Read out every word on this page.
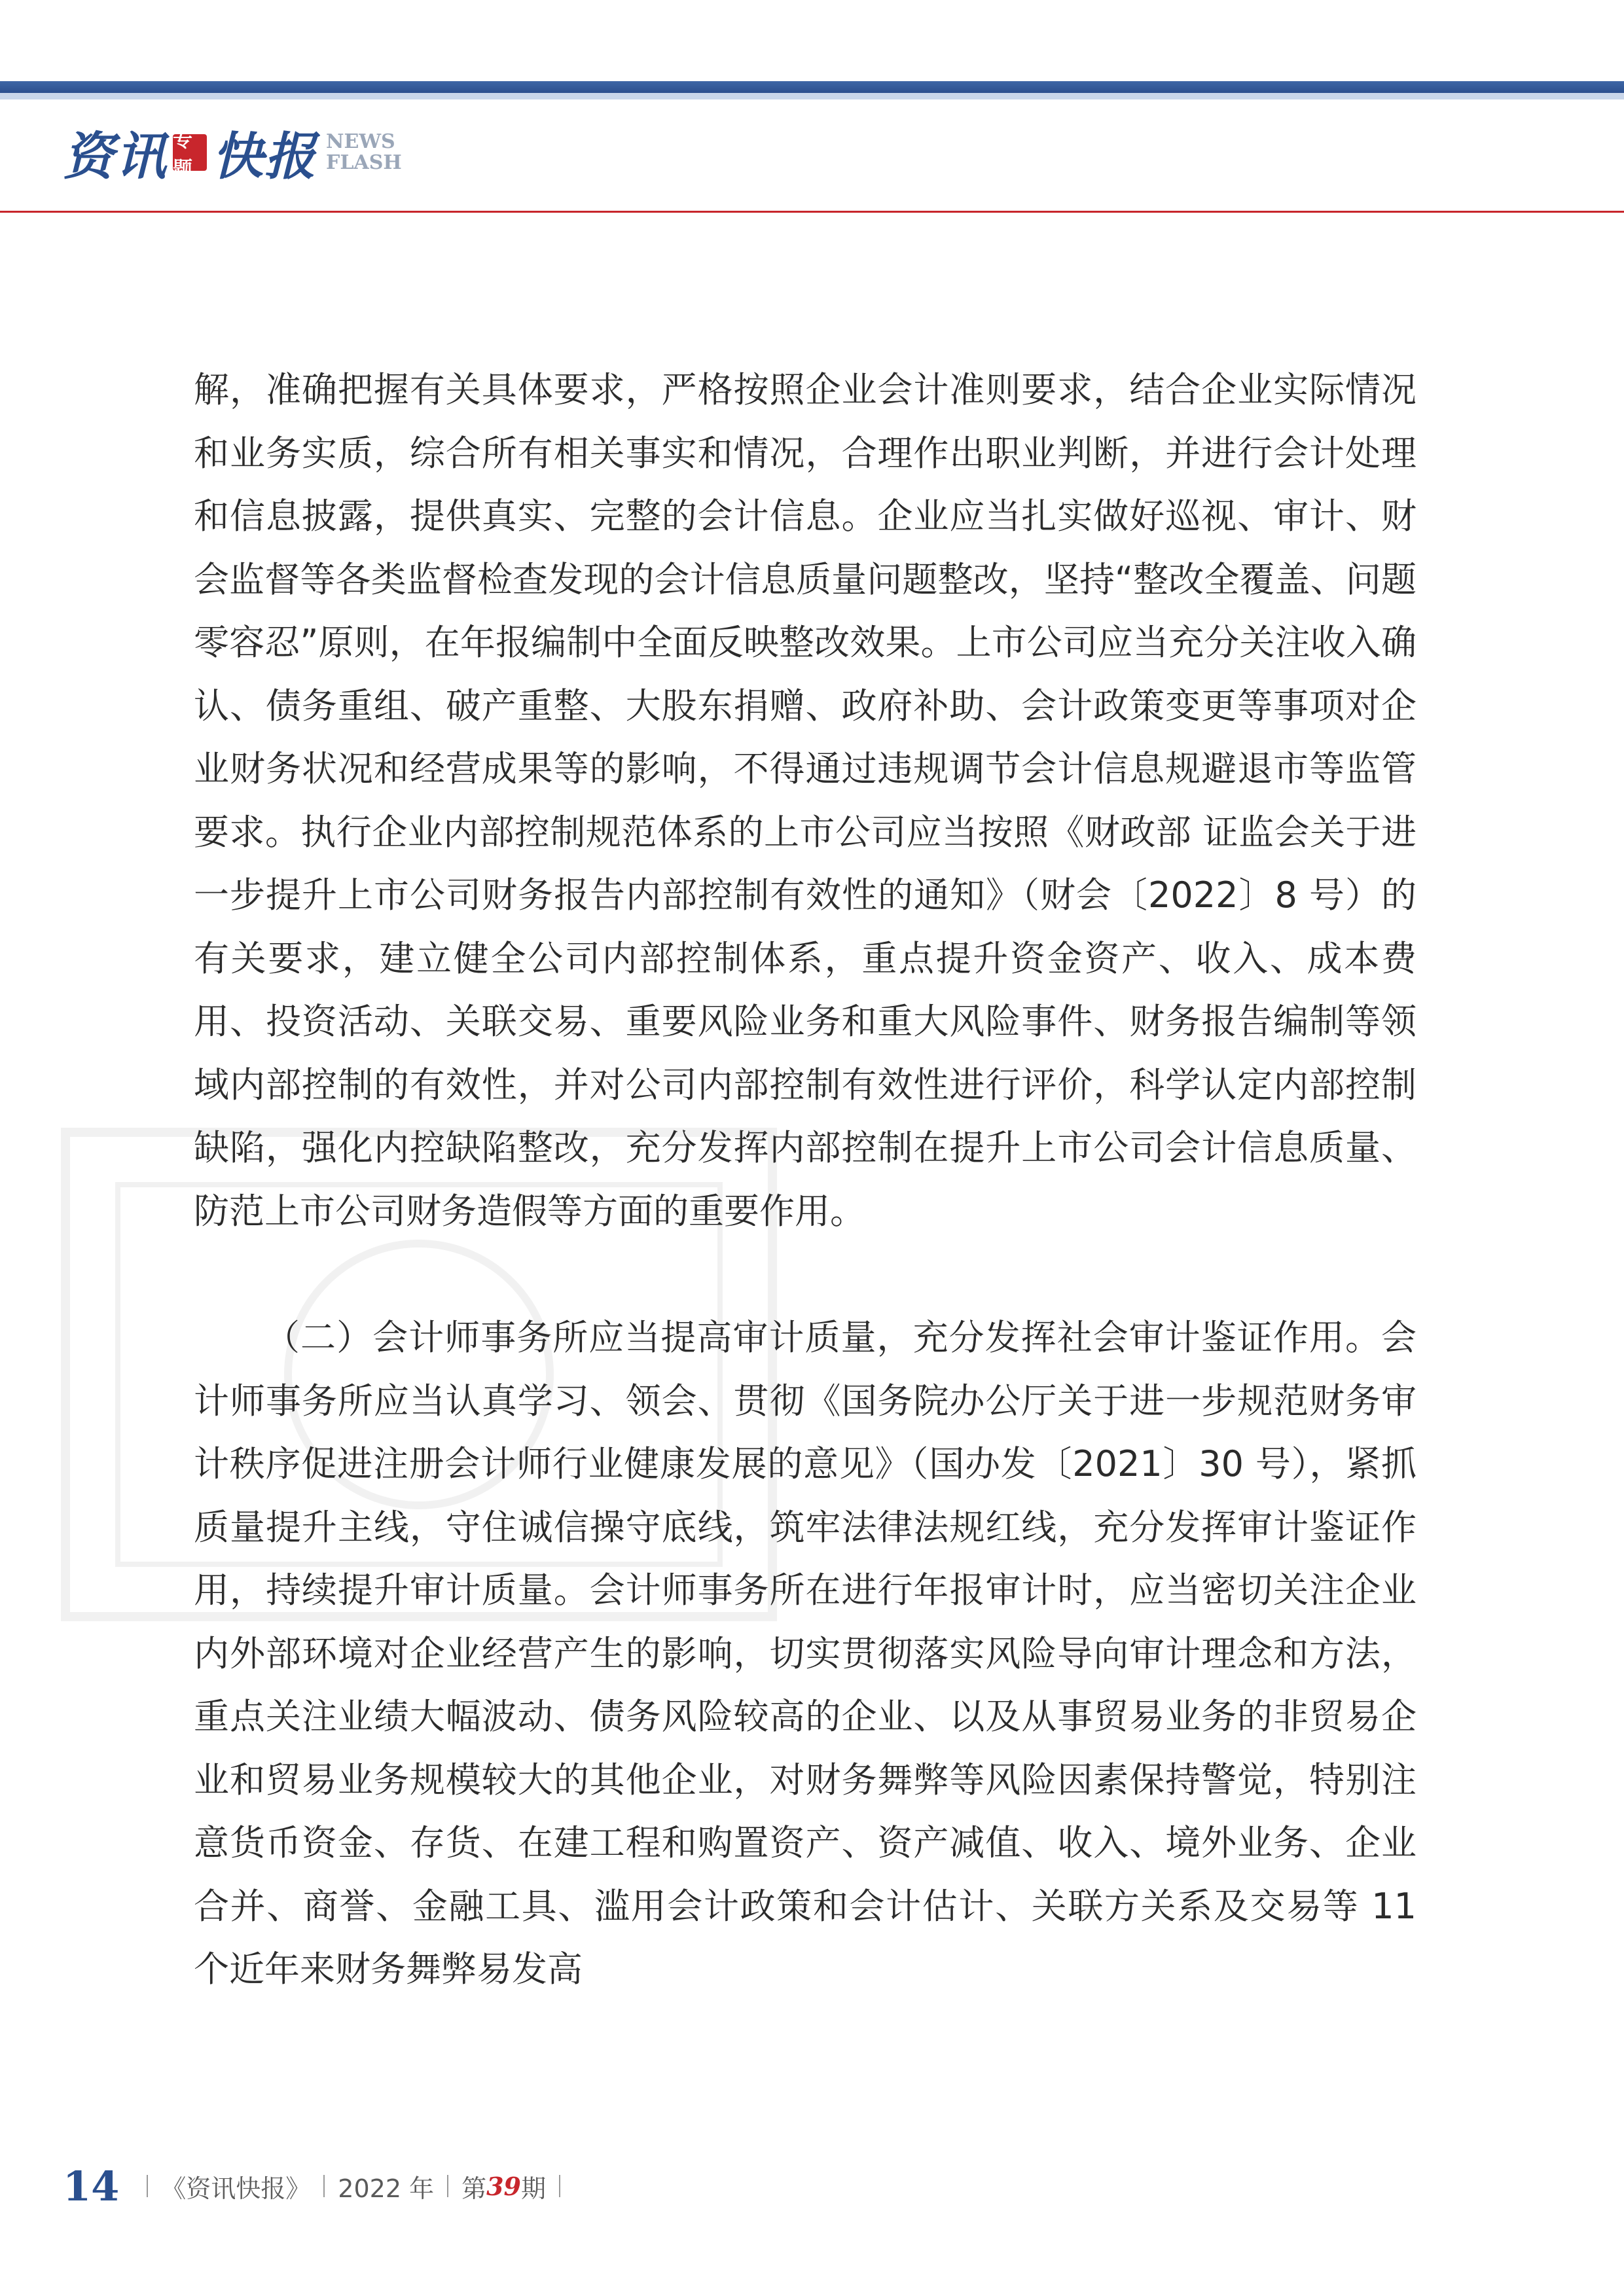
资讯 专题 快报 NEWS
FLASH

解，准确把握有关具体要求，严格按照企业会计准则要求，结合企业实际情况和业务实质，综合所有相关事实和情况，合理作出职业判断，并进行会计处理和信息披露，提供真实、完整的会计信息。企业应当扎实做好巡视、审计、财会监督等各类监督检查发现的会计信息质量问题整改，坚持“整改全覆盖、问题零容忍”原则，在年报编制中全面反映整改效果。上市公司应当充分关注收入确认、债务重组、破产重整、大股东捐赠、政府补助、会计政策变更等事项对企业财务状况和经营成果等的影响，不得通过违规调节会计信息规避退市等监管要求。执行企业内部控制规范体系的上市公司应当按照《财政部 证监会关于进一步提升上市公司财务报告内部控制有效性的通知》（财会〔2022〕8 号）的有关要求，建立健全公司内部控制体系，重点提升资金资产、收入、成本费用、投资活动、关联交易、重要风险业务和重大风险事件、财务报告编制等领域内部控制的有效性，并对公司内部控制有效性进行评价，科学认定内部控制缺陷，强化内控缺陷整改，充分发挥内部控制在提升上市公司会计信息质量、防范上市公司财务造假等方面的重要作用。

（二）会计师事务所应当提高审计质量，充分发挥社会审计鉴证作用。会计师事务所应当认真学习、领会、贯彻《国务院办公厅关于进一步规范财务审计秩序促进注册会计师行业健康发展的意见》（国办发〔2021〕30 号），紧抓质量提升主线，守住诚信操守底线，筑牢法律法规红线，充分发挥审计鉴证作用，持续提升审计质量。会计师事务所在进行年报审计时，应当密切关注企业内外部环境对企业经营产生的影响，切实贯彻落实风险导向审计理念和方法，重点关注业绩大幅波动、债务风险较高的企业、以及从事贸易业务的非贸易企业和贸易业务规模较大的其他企业，对财务舞弊等风险因素保持警觉，特别注意货币资金、存货、在建工程和购置资产、资产减值、收入、境外业务、企业合并、商誉、金融工具、滥用会计政策和会计估计、关联方关系及交易等 11 个近年来财务舞弊易发高

14 《资讯快报》 2022 年 第 39 期
